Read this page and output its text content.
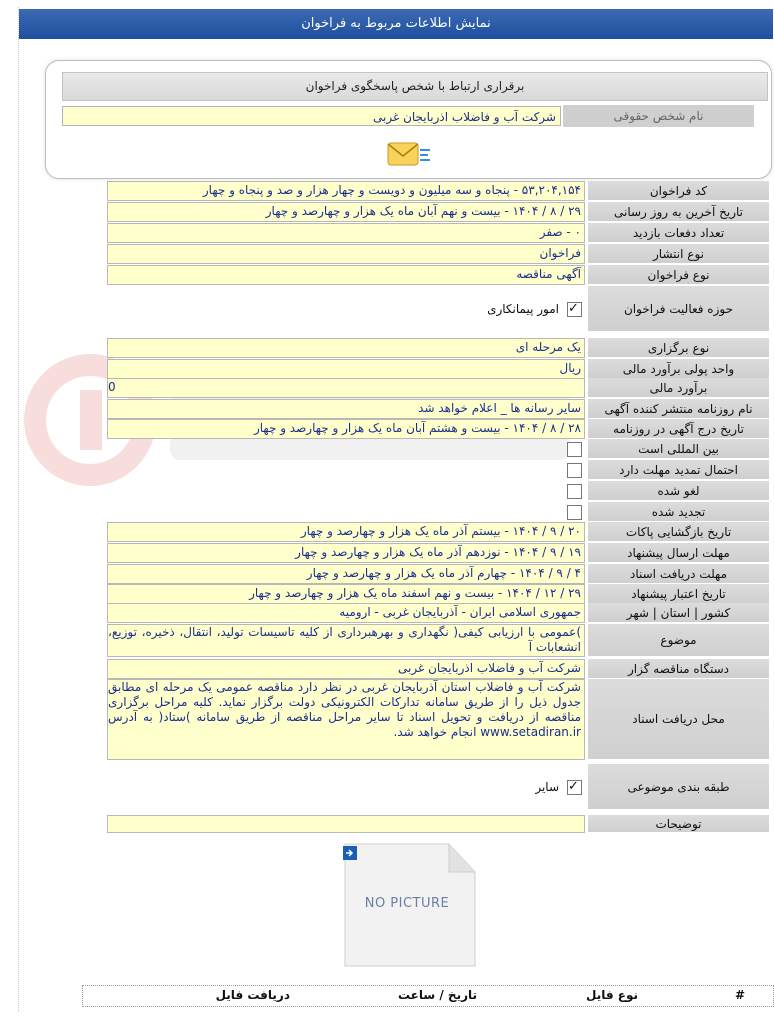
نمایش اطلاعات مربوط به فراخوان
برقراری ارتباط با شخص پاسخگوی فراخوان
نام شخص حقوقی
شرکت آب و فاضلاب اذربایجان غربی
کد فراخوان
۵۳,۲۰۴,۱۵۴ - پنجاه و سه میلیون و دویست و چهار هزار و صد و پنجاه و چهار
تاریخ آخرین به روز رسانی
۲۹ / ۸ / ۱۴۰۴ - بیست و نهم آبان ماه یک هزار و چهارصد و چهار
تعداد دفعات بازدید
۰ - صفر
نوع انتشار
فراخوان
نوع فراخوان
آگهی مناقصه
حوزه فعالیت فراخوان
✓
امور پیمانکاری
نوع برگزاری
یک مرحله ای
واحد پولی برآورد مالی
ریال
برآورد مالی
0
نام روزنامه منتشر کننده آگهی
سایر رسانه ها _ اعلام خواهد شد
تاریخ درج آگهی در روزنامه
۲۸ / ۸ / ۱۴۰۴ - بیست و هشتم آبان ماه یک هزار و چهارصد و چهار
بین المللی است
احتمال تمدید مهلت دارد
لغو شده
تجدید شده
تاریخ بازگشایی پاکات
۲۰ / ۹ / ۱۴۰۴ - بیستم آذر ماه یک هزار و چهارصد و چهار
مهلت ارسال پیشنهاد
۱۹ / ۹ / ۱۴۰۴ - نوزدهم آذر ماه یک هزار و چهارصد و چهار
مهلت دریافت اسناد
۴ / ۹ / ۱۴۰۴ - چهارم آذر ماه یک هزار و چهارصد و چهار
تاریخ اعتبار پیشنهاد
۲۹ / ۱۲ / ۱۴۰۴ - بیست و نهم اسفند ماه یک هزار و چهارصد و چهار
کشور | استان | شهر
جمهوری اسلامی ایران - آذربایجان غربی - ارومیه
موضوع
)عمومی با ارزیابی کیفی( نگهداری و بهرهبرداری از کلیه تاسیسات تولید، انتقال، ذخیره، توزیع، انشعابات آ
دستگاه مناقصه گزار
شرکت آب و فاضلاب اذربایجان غربی
محل دریافت اسناد
شرکت آب و فاضلاب استان آذربایجان غربی در نظر دارد مناقصه عمومی یک مرحله ای مطابق جدول ذیل را از طریق سامانه تدارکات الکترونیکی دولت برگزار نماید. کلیه مراحل برگزاری مناقصه از دریافت و تحویل اسناد تا سایر مراحل مناقصه از طریق سامانه )ستاد( به آدرس www.setadiran.ir انجام خواهد شد.
طبقه بندی موضوعی
✓
سایر
توضیحات
NO PICTURE
#
نوع فایل
تاریخ / ساعت
دریافت فایل
